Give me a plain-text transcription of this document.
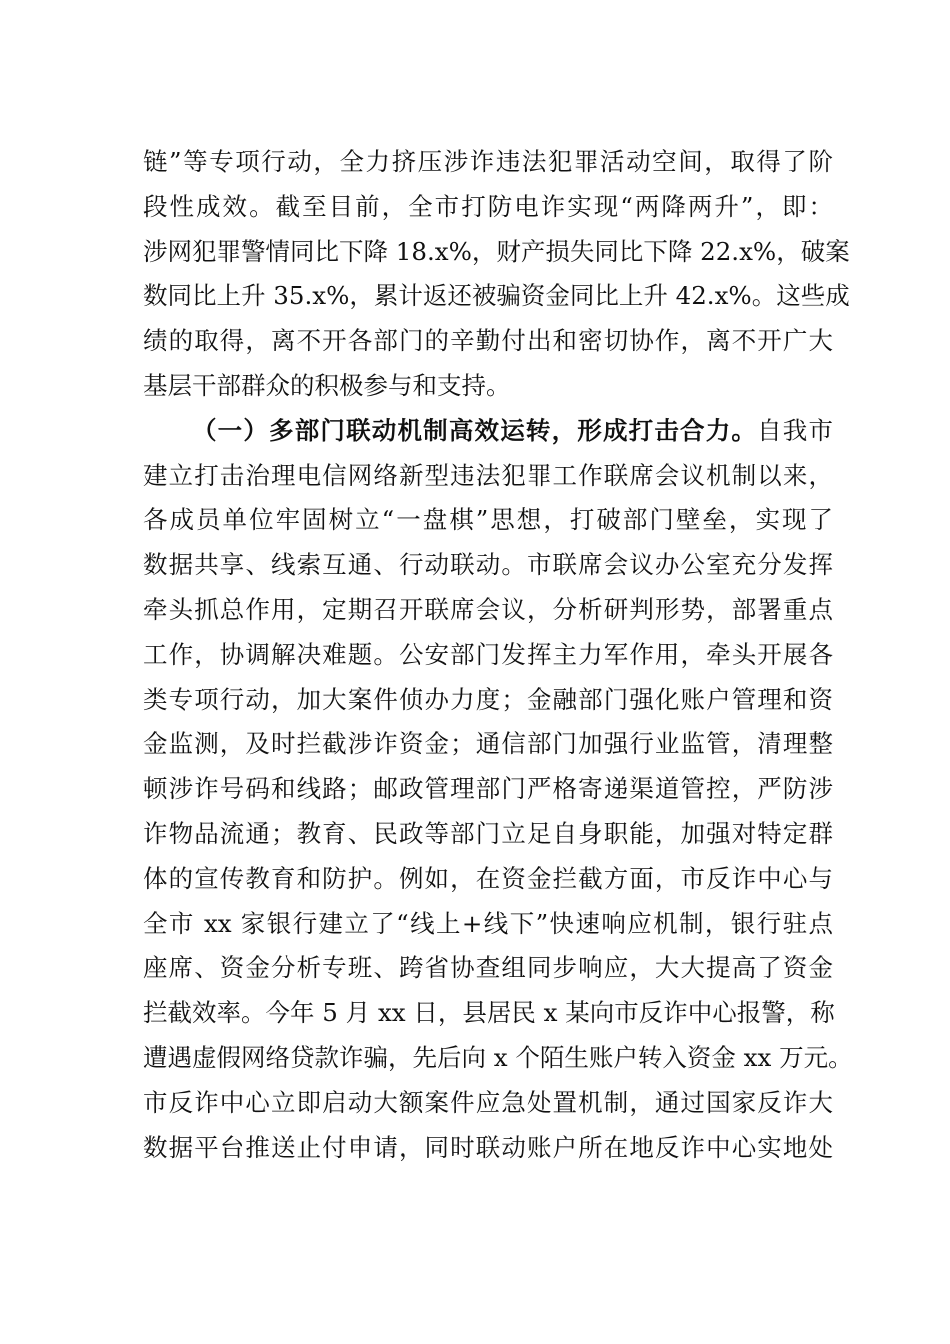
链”等专项行动，全力挤压涉诈违法犯罪活动空间，取得了阶
段性成效。截至目前，全市打防电诈实现“两降两升”，即：
涉网犯罪警情同比下降 18.x%，财产损失同比下降 22.x%，破案
数同比上升 35.x%，累计返还被骗资金同比上升 42.x%。这些成
绩的取得，离不开各部门的辛勤付出和密切协作，离不开广大
基层干部群众的积极参与和支持。
（一）多部门联动机制高效运转，形成打击合力。自我市
建立打击治理电信网络新型违法犯罪工作联席会议机制以来，
各成员单位牢固树立“一盘棋”思想，打破部门壁垒，实现了
数据共享、线索互通、行动联动。市联席会议办公室充分发挥
牵头抓总作用，定期召开联席会议，分析研判形势，部署重点
工作，协调解决难题。公安部门发挥主力军作用，牵头开展各
类专项行动，加大案件侦办力度；金融部门强化账户管理和资
金监测，及时拦截涉诈资金；通信部门加强行业监管，清理整
顿涉诈号码和线路；邮政管理部门严格寄递渠道管控，严防涉
诈物品流通；教育、民政等部门立足自身职能，加强对特定群
体的宣传教育和防护。例如，在资金拦截方面，市反诈中心与
全市 xx 家银行建立了“线上+线下”快速响应机制，银行驻点
座席、资金分析专班、跨省协查组同步响应，大大提高了资金
拦截效率。今年 5 月 xx 日，县居民 x 某向市反诈中心报警，称
遭遇虚假网络贷款诈骗，先后向 x 个陌生账户转入资金 xx 万元。
市反诈中心立即启动大额案件应急处置机制，通过国家反诈大
数据平台推送止付申请，同时联动账户所在地反诈中心实地处
